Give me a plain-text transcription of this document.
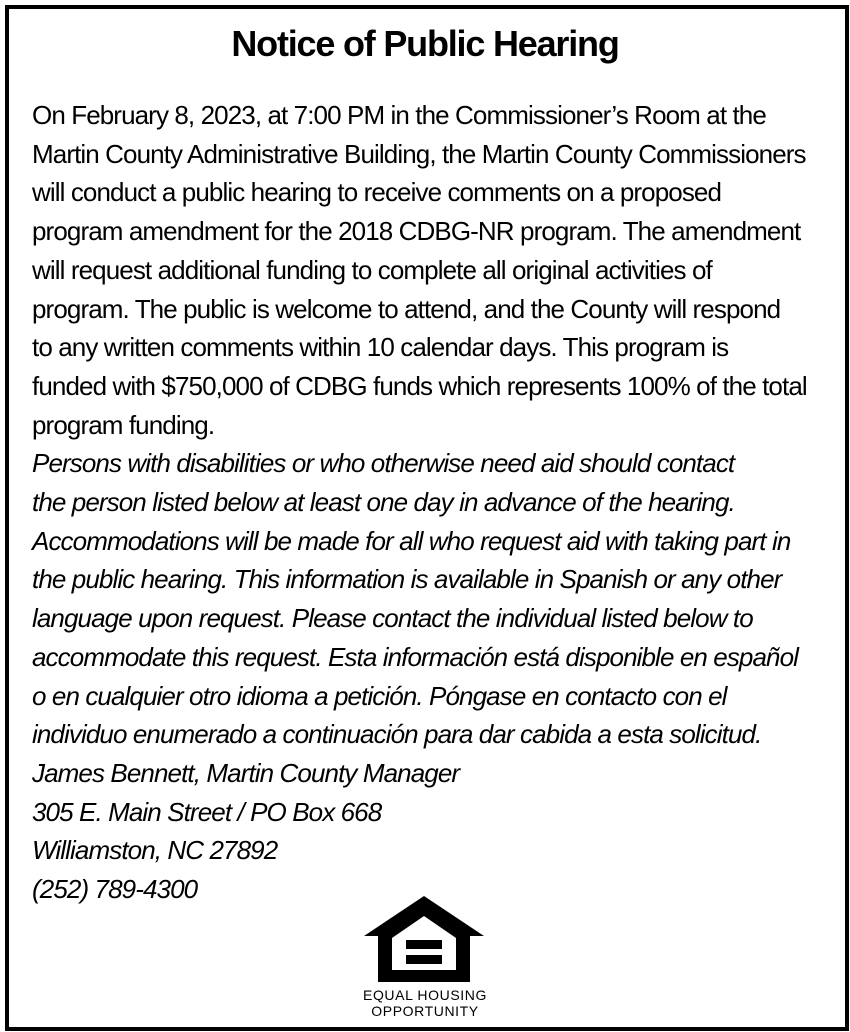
Notice of Public Hearing
On February 8, 2023, at 7:00 PM in the Commissioner’s Room at the
Martin County Administrative Building, the Martin County Commissioners
will conduct a public hearing to receive comments on a proposed
program amendment for the 2018 CDBG-NR program. The amendment
will request additional funding to complete all original activities of
program. The public is welcome to attend, and the County will respond
to any written comments within 10 calendar days. This program is
funded with $750,000 of CDBG funds which represents 100% of the total
program funding.
Persons with disabilities or who otherwise need aid should contact
the person listed below at least one day in advance of the hearing.
Accommodations will be made for all who request aid with taking part in
the public hearing. This information is available in Spanish or any other
language upon request. Please contact the individual listed below to
accommodate this request. Esta información está disponible en español
o en cualquier otro idioma a petición. Póngase en contacto con el
individuo enumerado a continuación para dar cabida a esta solicitud.
James Bennett, Martin County Manager
305 E. Main Street / PO Box 668
Williamston, NC 27892
(252) 789-4300
EQUAL HOUSING
OPPORTUNITY
